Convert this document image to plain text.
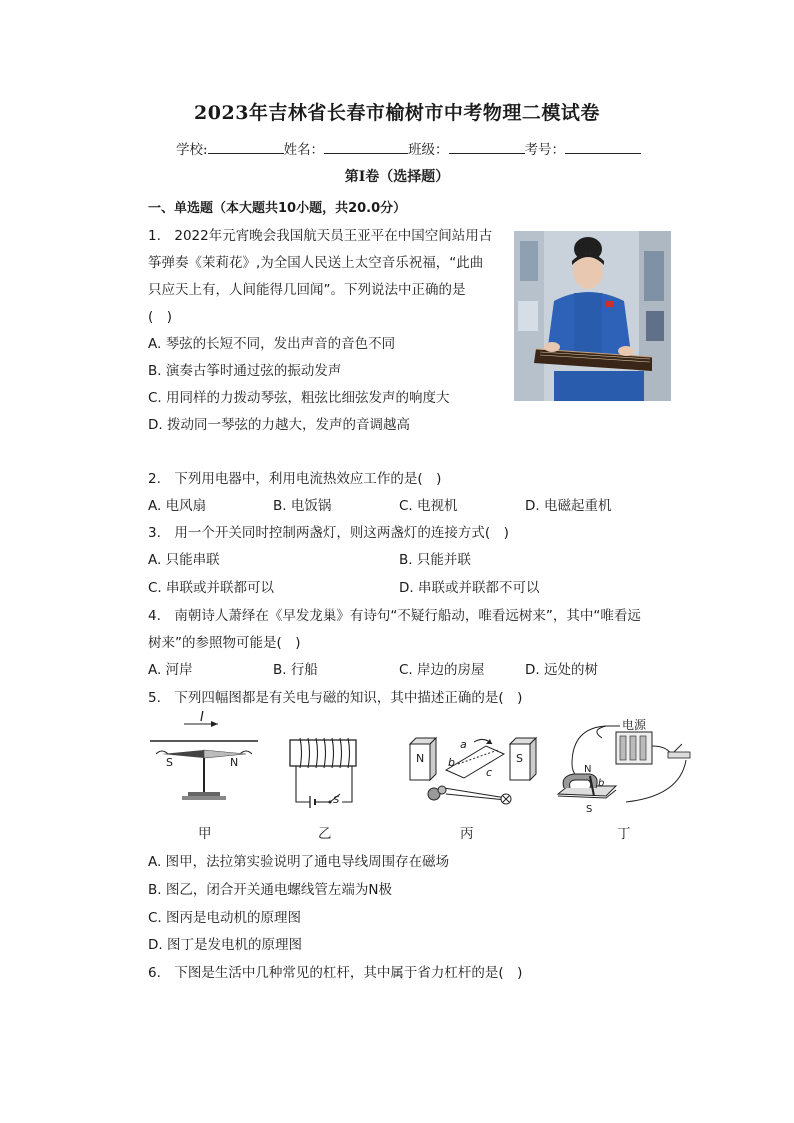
2023年吉林省长春市榆树市中考物理二模试卷
学校:	姓名：	班级：	考号：
第I卷（选择题）
一、单选题（本大题共10小题，共20.0分）
1.　2022年元宵晚会我国航天员王亚平在中国空间站用古
筝弹奏《茉莉花》,为全国人民送上太空音乐祝福，“此曲
只应天上有，人间能得几回闻”。下列说法中正确的是
(　)
A. 琴弦的长短不同，发出声音的音色不同
B. 演奏古筝时通过弦的振动发声
C. 用同样的力拨动琴弦，粗弦比细弦发声的响度大
D. 拨动同一琴弦的力越大，发声的音调越高
2.　下列用电器中，利用电流热效应工作的是(　)
A. 电风扇	B. 电饭锅	C. 电视机	D. 电磁起重机
3.　用一个开关同时控制两盏灯，则这两盏灯的连接方式(　)
A. 只能串联	B. 只能并联
C. 串联或并联都可以	D. 串联或并联都不可以
4.　南朝诗人萧绎在《早发龙巢》有诗句“不疑行船动，唯看远树来”，其中“唯看远
树来”的参照物可能是(　)
A. 河岸	B. 行船	C. 岸边的房屋	D. 远处的树
5.　下列四幅图都是有关电与磁的知识，其中描述正确的是(　)
I
S	N
甲
S
乙
N	S
a
b
c
丙
电源
N
b
S
丁
A. 图甲，法拉第实验说明了通电导线周围存在磁场
B. 图乙，闭合开关通电螺线管左端为N极
C. 图丙是电动机的原理图
D. 图丁是发电机的原理图
6.　下图是生活中几种常见的杠杆，其中属于省力杠杆的是(　)
